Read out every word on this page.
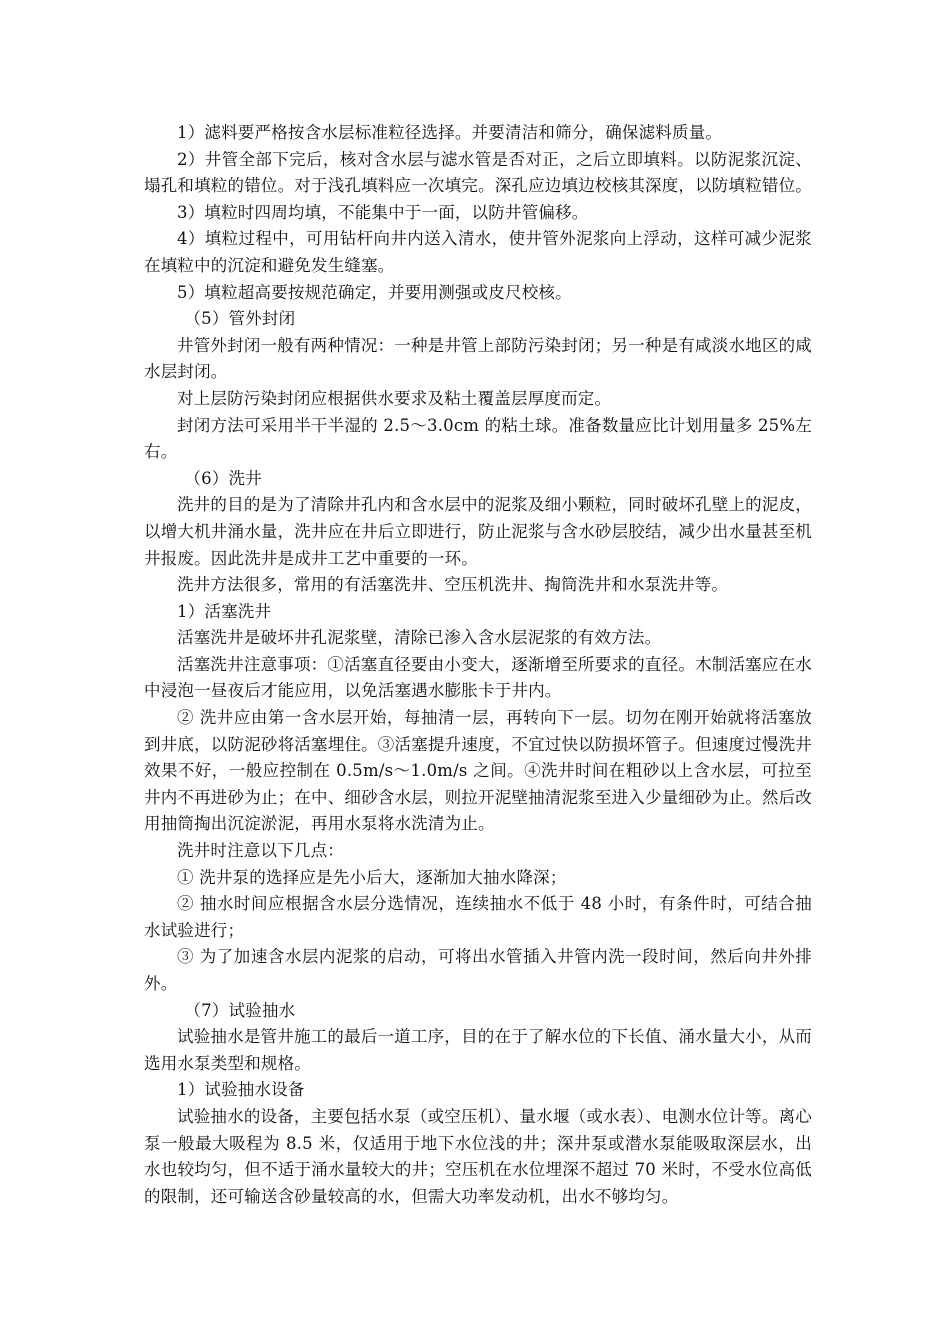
1）滤料要严格按含水层标准粒径选择。并要清洁和筛分，确保滤料质量。

2）井管全部下完后，核对含水层与滤水管是否对正，之后立即填料。以防泥浆沉淀、塌孔和填粒的错位。对于浅孔填料应一次填完。深孔应边填边校核其深度，以防填粒错位。

3）填粒时四周均填，不能集中于一面，以防井管偏移。

4）填粒过程中，可用钻杆向井内送入清水，使井管外泥浆向上浮动，这样可减少泥浆在填粒中的沉淀和避免发生缝塞。

5）填粒超高要按规范确定，并要用测强或皮尺校核。

（5）管外封闭

井管外封闭一般有两种情况：一种是井管上部防污染封闭；另一种是有咸淡水地区的咸水层封闭。

对上层防污染封闭应根据供水要求及粘土覆盖层厚度而定。

封闭方法可采用半干半湿的 2.5～3.0cm 的粘土球。准备数量应比计划用量多 25%左右。

（6）洗井

洗井的目的是为了清除井孔内和含水层中的泥浆及细小颗粒，同时破坏孔壁上的泥皮，以增大机井涌水量，洗井应在井后立即进行，防止泥浆与含水砂层胶结，减少出水量甚至机井报废。因此洗井是成井工艺中重要的一环。

洗井方法很多，常用的有活塞洗井、空压机洗井、掏筒洗井和水泵洗井等。

1）活塞洗井

活塞洗井是破坏井孔泥浆壁，清除已渗入含水层泥浆的有效方法。

活塞洗井注意事项：①活塞直径要由小变大，逐渐增至所要求的直径。木制活塞应在水中浸泡一昼夜后才能应用，以免活塞遇水膨胀卡于井内。

② 洗井应由第一含水层开始，每抽清一层，再转向下一层。切勿在刚开始就将活塞放到井底，以防泥砂将活塞埋住。③活塞提升速度，不宜过快以防损坏管子。但速度过慢洗井效果不好，一般应控制在 0.5m/s～1.0m/s 之间。④洗井时间在粗砂以上含水层，可拉至井内不再进砂为止；在中、细砂含水层，则拉开泥壁抽清泥浆至进入少量细砂为止。然后改用抽筒掏出沉淀淤泥，再用水泵将水洗清为止。

洗井时注意以下几点：

① 洗井泵的选择应是先小后大，逐渐加大抽水降深；

② 抽水时间应根据含水层分选情况，连续抽水不低于 48 小时，有条件时，可结合抽水试验进行；

③ 为了加速含水层内泥浆的启动，可将出水管插入井管内洗一段时间，然后向井外排外。

（7）试验抽水

试验抽水是管井施工的最后一道工序，目的在于了解水位的下长值、涌水量大小，从而选用水泵类型和规格。

1）试验抽水设备

试验抽水的设备，主要包括水泵（或空压机）、量水堰（或水表）、电测水位计等。离心泵一般最大吸程为 8.5 米，仅适用于地下水位浅的井；深井泵或潜水泵能吸取深层水，出水也较均匀，但不适于涌水量较大的井；空压机在水位埋深不超过 70 米时，不受水位高低的限制，还可输送含砂量较高的水，但需大功率发动机，出水不够均匀。
